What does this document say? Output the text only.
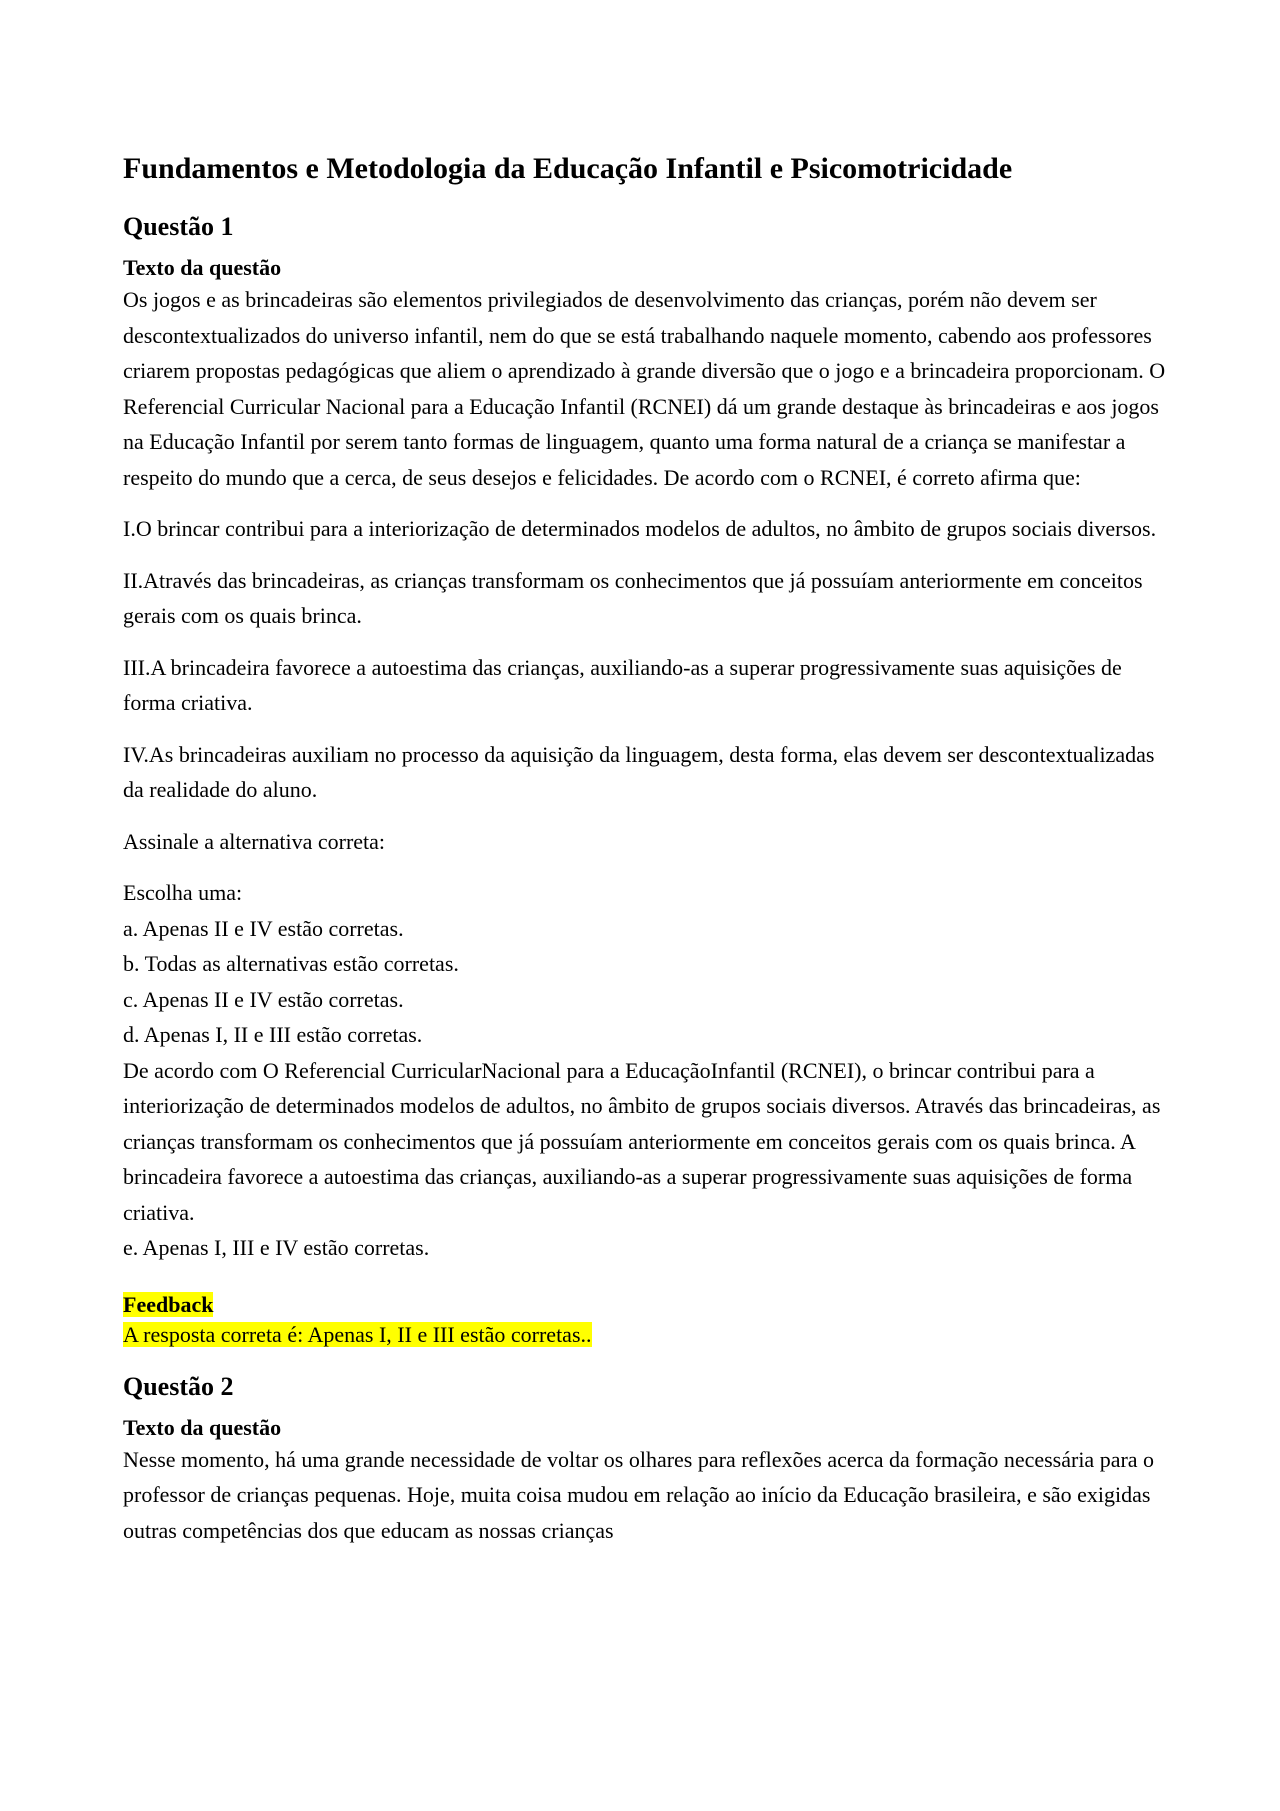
Fundamentos e Metodologia da Educação Infantil e Psicomotricidade
Questão 1
Texto da questão

Os jogos e as brincadeiras são elementos privilegiados de desenvolvimento das crianças, porém não devem ser descontextualizados do universo infantil, nem do que se está trabalhando naquele momento, cabendo aos professores criarem propostas pedagógicas que aliem o aprendizado à grande diversão que o jogo e a brincadeira proporcionam. O Referencial Curricular Nacional para a Educação Infantil (RCNEI) dá um grande destaque às brincadeiras e aos jogos na Educação Infantil por serem tanto formas de linguagem, quanto uma forma natural de a criança se manifestar a respeito do mundo que a cerca, de seus desejos e felicidades. De acordo com o RCNEI, é correto afirma que:

I.O brincar contribui para a interiorização de determinados modelos de adultos, no âmbito de grupos sociais diversos.

II.Através das brincadeiras, as crianças transformam os conhecimentos que já possuíam anteriormente em conceitos gerais com os quais brinca.

III.A brincadeira favorece a autoestima das crianças, auxiliando-as a superar progressivamente suas aquisições de forma criativa.

IV.As brincadeiras auxiliam no processo da aquisição da linguagem, desta forma, elas devem ser descontextualizadas da realidade do aluno.

Assinale a alternativa correta:

Escolha uma:
a. Apenas II e IV estão corretas.
b. Todas as alternativas estão corretas.
c. Apenas II e IV estão corretas.
d. Apenas I, II e III estão corretas.
De acordo com O Referencial CurricularNacional para a EducaçãoInfantil (RCNEI), o brincar contribui para a interiorização de determinados modelos de adultos, no âmbito de grupos sociais diversos. Através das brincadeiras, as crianças transformam os conhecimentos que já possuíam anteriormente em conceitos gerais com os quais brinca. A brincadeira favorece a autoestima das crianças, auxiliando-as a superar progressivamente suas aquisições de forma criativa.
e. Apenas I, III e IV estão corretas.
Feedback
A resposta correta é: Apenas I, II e III estão corretas..
Questão 2
Texto da questão

Nesse momento, há uma grande necessidade de voltar os olhares para reflexões acerca da formação necessária para o professor de crianças pequenas. Hoje, muita coisa mudou em relação ao início da Educação brasileira, e são exigidas outras competências dos que educam as nossas crianças
